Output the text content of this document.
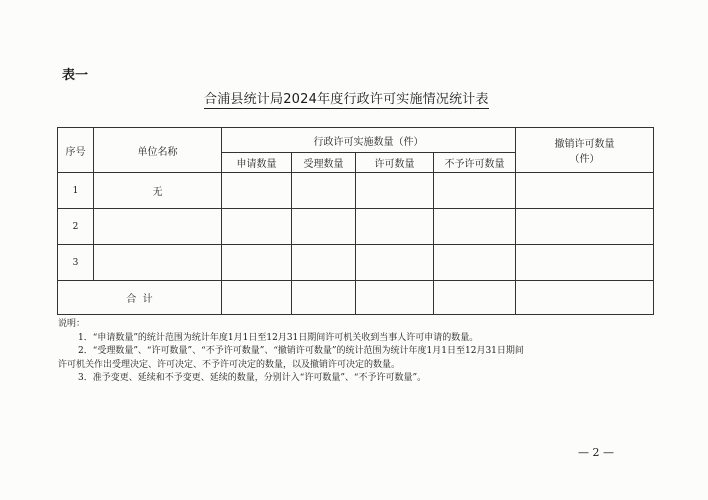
表一
合浦县统计局2024年度行政许可实施情况统计表
序号	单位名称	行政许可实施数量（件）				撤销许可数量
（件）

		申请数量	受理数量	许可数量	不予许可数量	
1	无					
2						
3						
合  计						
说明：
1．“申请数量”的统计范围为统计年度1月1日至12月31日期间许可机关收到当事人许可申请的数量。
2．“受理数量”、“许可数量”、“不予许可数量”、“撤销许可数量”的统计范围为统计年度1月1日至12月31日期间
许可机关作出受理决定、许可决定、不予许可决定的数量，以及撤销许可决定的数量。
3．准予变更、延续和不予变更、延续的数量，分别计入“许可数量”、“不予许可数量”。
— 2 —
